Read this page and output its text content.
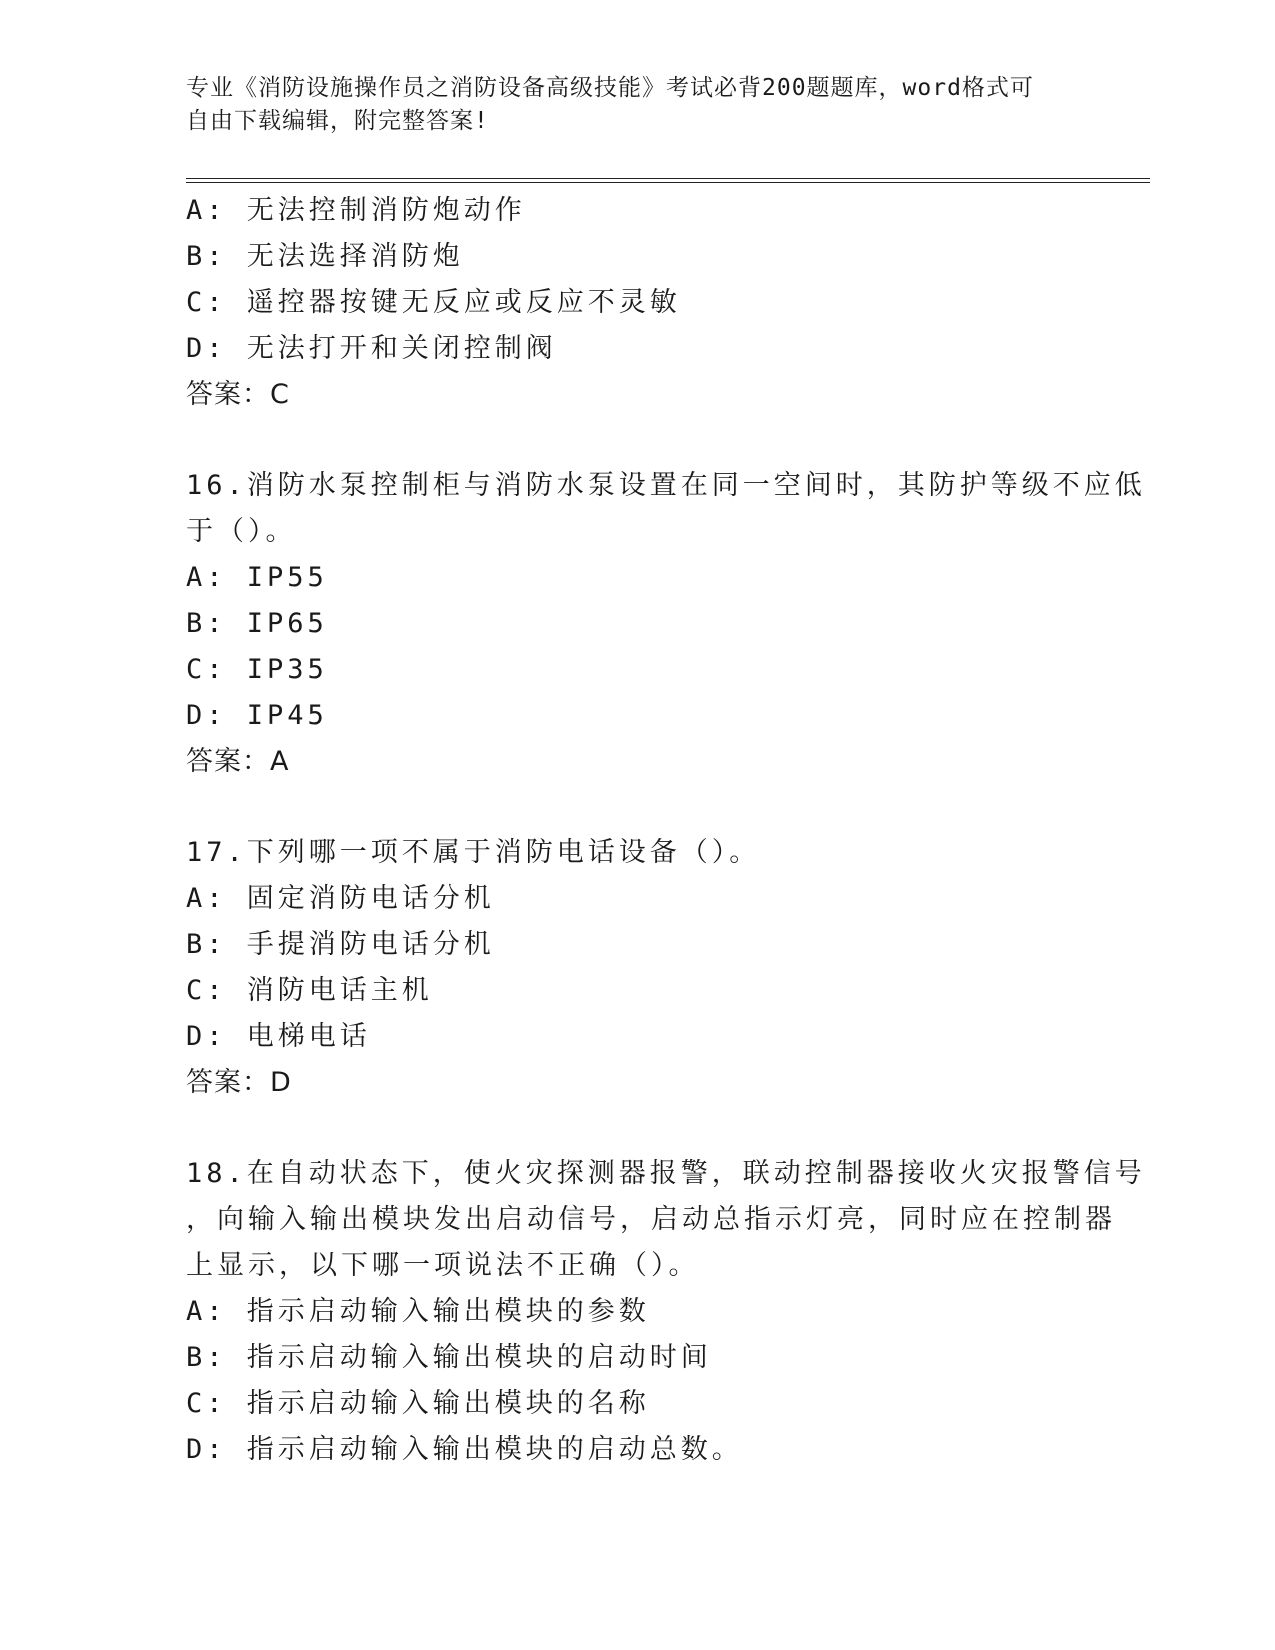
专业《消防设施操作员之消防设备高级技能》考试必背200题题库，word格式可
自由下载编辑，附完整答案!
A: 无法控制消防炮动作
B: 无法选择消防炮
C: 遥控器按键无反应或反应不灵敏
D: 无法打开和关闭控制阀
答案：C
16.消防水泵控制柜与消防水泵设置在同一空间时，其防护等级不应低
于（）。
A: IP55
B: IP65
C: IP35
D: IP45
答案：A
17.下列哪一项不属于消防电话设备（）。
A: 固定消防电话分机
B: 手提消防电话分机
C: 消防电话主机
D: 电梯电话
答案：D
18.在自动状态下，使火灾探测器报警，联动控制器接收火灾报警信号
，向输入输出模块发出启动信号，启动总指示灯亮，同时应在控制器
上显示，以下哪一项说法不正确（）。
A: 指示启动输入输出模块的参数
B: 指示启动输入输出模块的启动时间
C: 指示启动输入输出模块的名称
D: 指示启动输入输出模块的启动总数。
